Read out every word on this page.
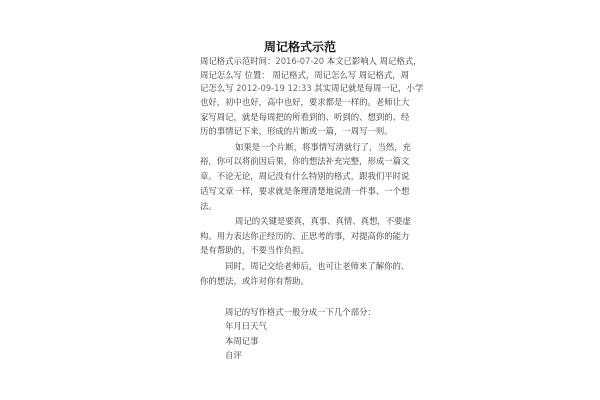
周记格式示范
周记格式示范时间：2016-07-20 本文已影响人 周记格式，
周记怎么写 位置： 周记格式，周记怎么写 周记格式，周
记怎么写 2012-09-19 12:33 其实周记就是每周一记，小学
也好，初中也好，高中也好，要求都是一样的。老师让大
家写周记，就是每周把的所看到的、听到的、想到的、经
历的事情记下来，形成的片断或一篇，一周写一则。
如果是一个片断，将事情写清就行了，当然，充
裕，你可以将前因后果，你的想法补充完整，形成一篇文
章。不论无论，周记没有什么特别的格式，跟我们平时说
话写文章一样，要求就是条理清楚地说清一件事、一个想
法。
周记的关键是要真，真事、真情、真想，不要虚
构。用力表达你正经历的、正思考的事，对提高你的能力
是有帮助的，不要当作负担。
同时，周记交给老师后，也可让老师来了解你的、
你的想法，或许对你有帮助。
周记的写作格式一般分成一下几个部分：
年月日天气
本周记事
自评
